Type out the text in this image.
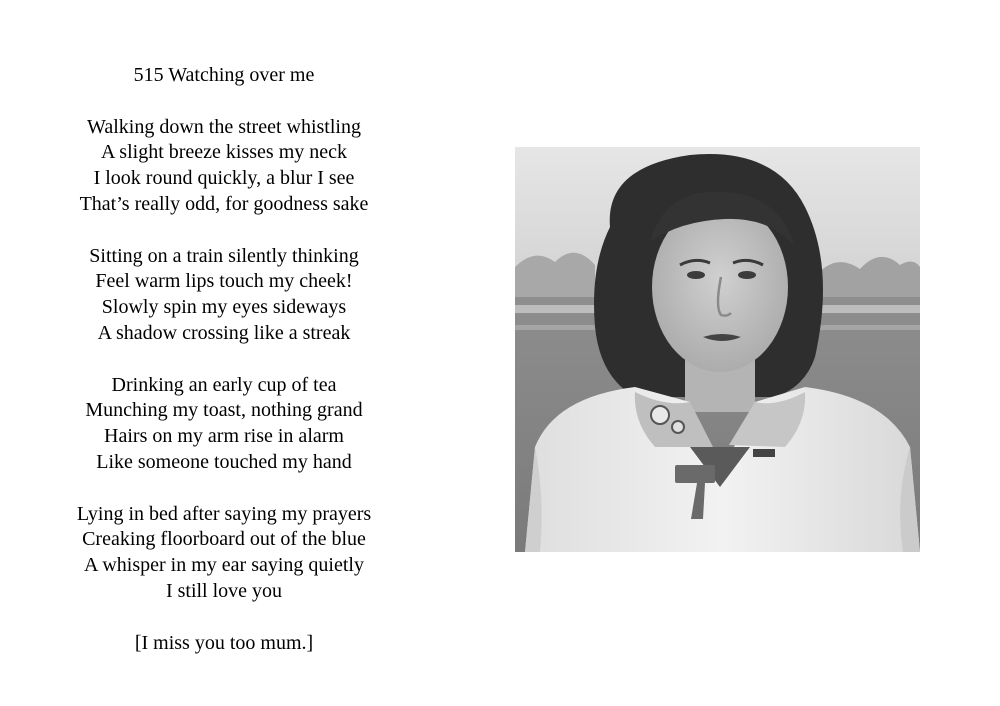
515 Watching over me

Walking down the street whistling
A slight breeze kisses my neck
I look round quickly, a blur I see
That’s really odd, for goodness sake
Sitting on a train silently thinking
Feel warm lips touch my cheek!
Slowly spin my eyes sideways
A shadow crossing like a streak
Drinking an early cup of tea
Munching my toast, nothing grand
Hairs on my arm rise in alarm
Like someone touched my hand
Lying in bed after saying my prayers
Creaking floorboard out of the blue
A whisper in my ear saying quietly
I still love you

[I miss you too mum.]
